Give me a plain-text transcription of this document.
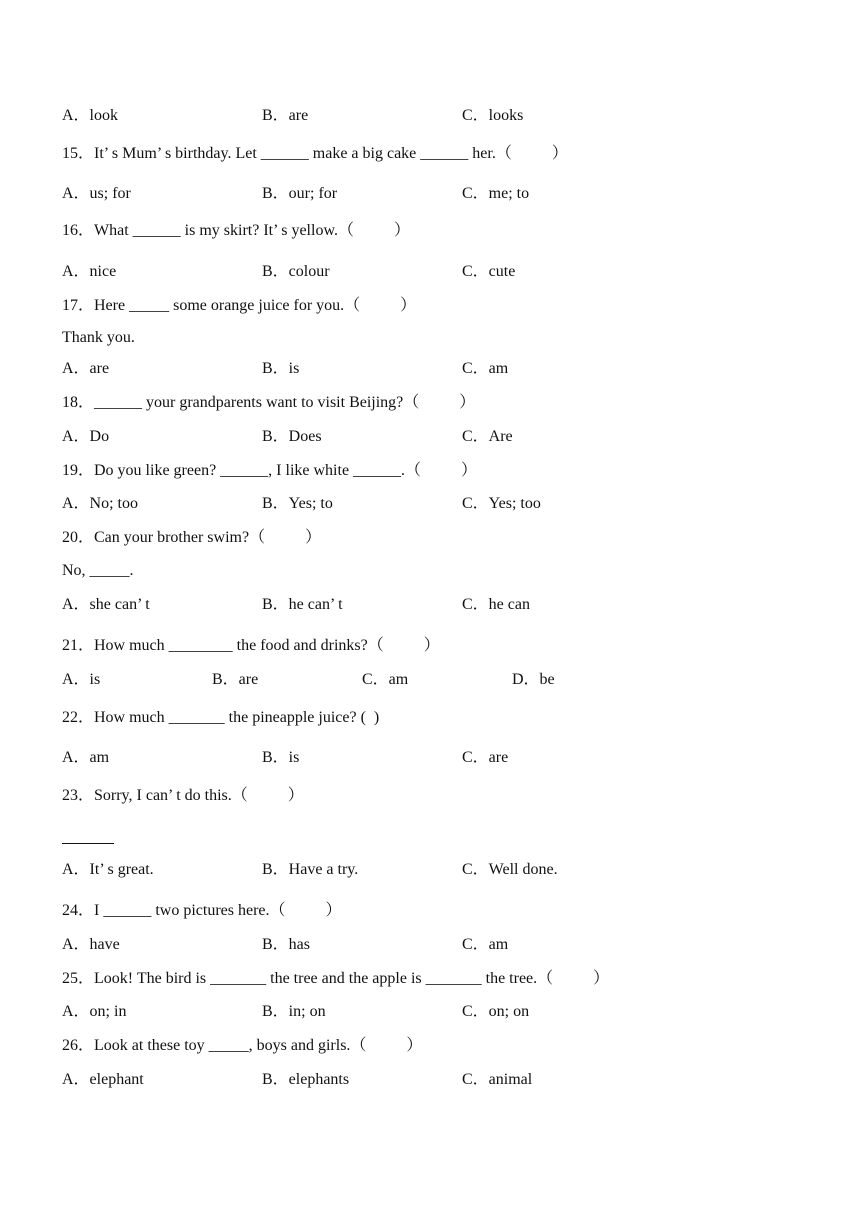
A．look	B．are	C．looks
15．It’ s Mum’ s birthday. Let ______ make a big cake ______ her.（          ）
A．us; for	B．our; for	C．me; to
16．What ______ is my skirt? It’ s yellow.（          ）
A．nice	B．colour	C．cute
17．Here _____ some orange juice for you.（          ）
Thank you.
A．are	B．is	C．am
18．______ your grandparents want to visit Beijing?（          ）
A．Do	B．Does	C．Are
19．Do you like green? ______, I like white ______.（          ）
A．No; too	B．Yes; to	C．Yes; too
20．Can your brother swim?（          ）
No, _____.
A．she can’ t	B．he can’ t	C．he can
21．How much ________ the food and drinks?（          ）
A．is	B．are	C．am	D．be
22．How much _______ the pineapple juice? (  )
A．am	B．is	C．are
23．Sorry, I can’ t do this.（          ）
A．It’ s great.	B．Have a try.	C．Well done.
24．I ______ two pictures here.（          ）
A．have	B．has	C．am
25．Look! The bird is _______ the tree and the apple is _______ the tree.（          ）
A．on; in	B．in; on	C．on; on
26．Look at these toy _____, boys and girls.（          ）
A．elephant	B．elephants	C．animal
